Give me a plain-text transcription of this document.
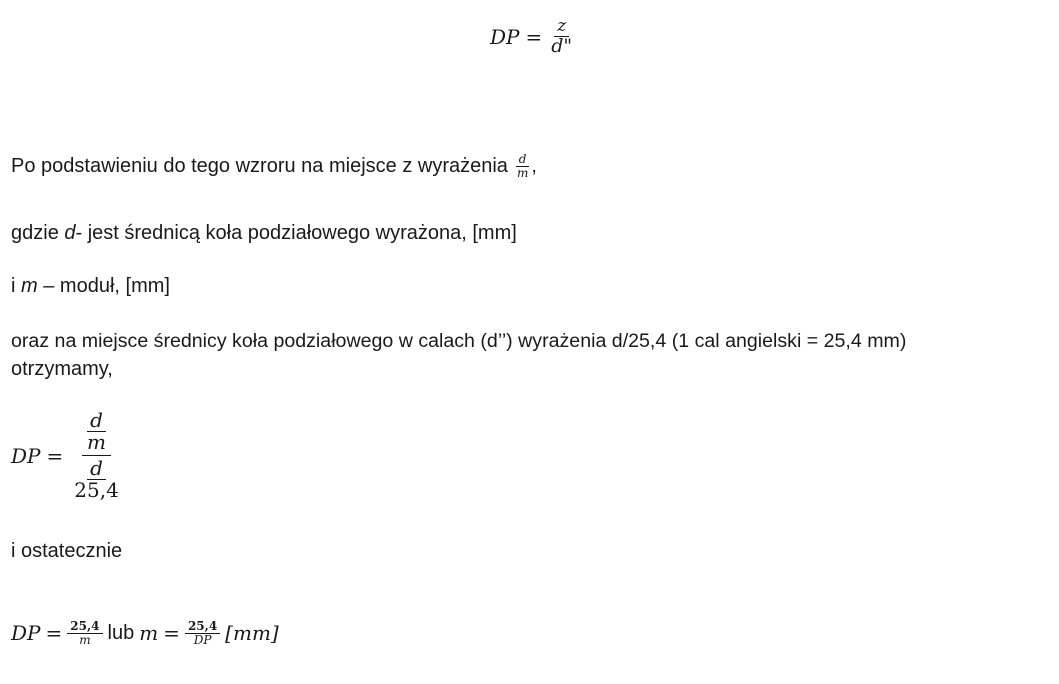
DP = $\frac{z}{d"}$
Po podstawieniu do tego wzroru na miejsce z wyrażenia $\frac{d}{m}$ ,
gdzie d- jest średnicą koła podziałowego wyrażona, [mm]
i m – moduł, [mm]
oraz na miejsce średnicy koła podziałowego w calach (d’’) wyrażenia d/25,4 (1 cal angielski = 25,4 mm)
otrzymamy,
DP = $\frac{\frac{d}{m}}{\frac{d}{25,4}}$
i ostatecznie
DP = $\frac{25,4}{m}$ lub $m = \frac{25,4}{DP} [mm]$
